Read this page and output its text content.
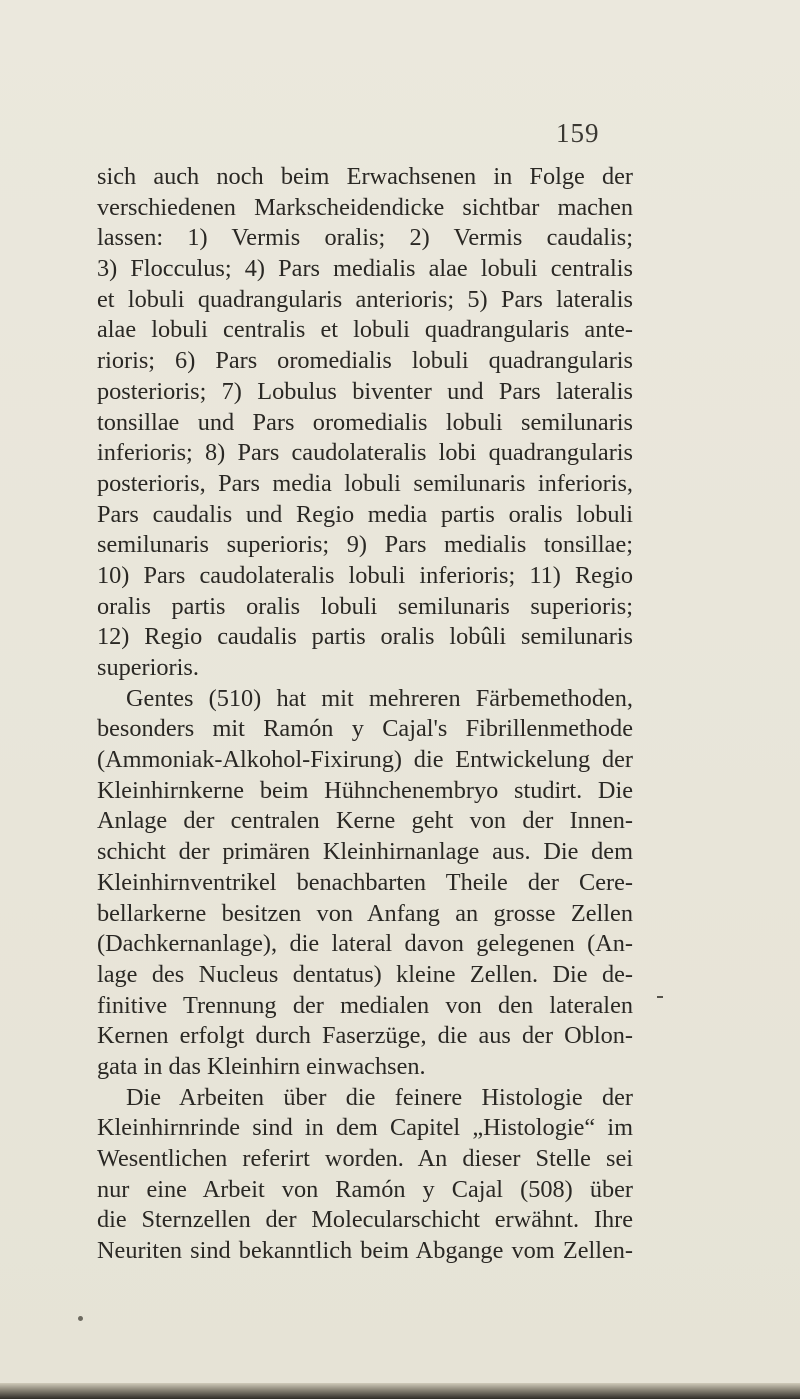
159
sich auch noch beim Erwachsenen in Folge der
verschiedenen Markscheidendicke sichtbar machen
lassen: 1) Vermis oralis; 2) Vermis caudalis;
3) Flocculus; 4) Pars medialis alae lobuli centralis
et lobuli quadrangularis anterioris; 5) Pars lateralis
alae lobuli centralis et lobuli quadrangularis ante-
rioris; 6) Pars oromedialis lobuli quadrangularis
posterioris; 7) Lobulus biventer und Pars lateralis
tonsillae und Pars oromedialis lobuli semilunaris
inferioris; 8) Pars caudolateralis lobi quadrangularis
posterioris, Pars media lobuli semilunaris inferioris,
Pars caudalis und Regio media partis oralis lobuli
semilunaris superioris; 9) Pars medialis tonsillae;
10) Pars caudolateralis lobuli inferioris; 11) Regio
oralis partis oralis lobuli semilunaris superioris;
12) Regio caudalis partis oralis lobûli semilunaris
superioris.
Gentes (510) hat mit mehreren Färbemethoden,
besonders mit Ramón y Cajal's Fibrillenmethode
(Ammoniak-Alkohol-Fixirung) die Entwickelung der
Kleinhirnkerne beim Hühnchenembryo studirt. Die
Anlage der centralen Kerne geht von der Innen-
schicht der primären Kleinhirnanlage aus. Die dem
Kleinhirnventrikel benachbarten Theile der Cere-
bellarkerne besitzen von Anfang an grosse Zellen
(Dachkernanlage), die lateral davon gelegenen (An-
lage des Nucleus dentatus) kleine Zellen. Die de-
finitive Trennung der medialen von den lateralen
Kernen erfolgt durch Faserzüge, die aus der Oblon-
gata in das Kleinhirn einwachsen.
Die Arbeiten über die feinere Histologie der
Kleinhirnrinde sind in dem Capitel „Histologie“ im
Wesentlichen referirt worden. An dieser Stelle sei
nur eine Arbeit von Ramón y Cajal (508) über
die Sternzellen der Molecularschicht erwähnt. Ihre
Neuriten sind bekanntlich beim Abgange vom Zellen-
